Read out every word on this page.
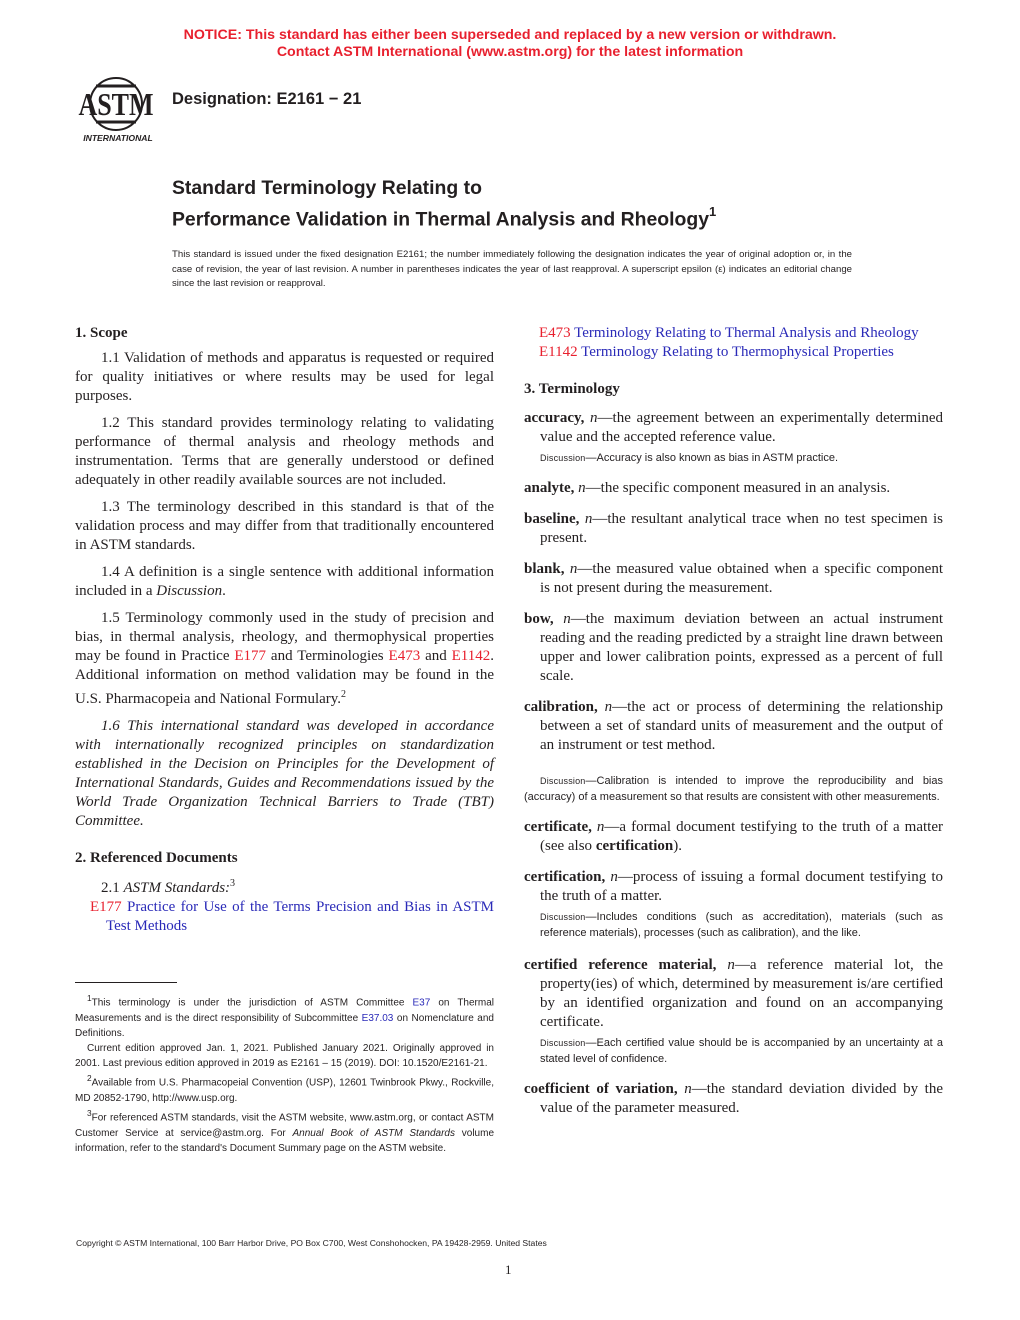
NOTICE: This standard has either been superseded and replaced by a new version or withdrawn.
Contact ASTM International (www.astm.org) for the latest information
ASTM
INTERNATIONAL
Designation: E2161 − 21
Standard Terminology Relating to
Performance Validation in Thermal Analysis and Rheology$^1$
This standard is issued under the fixed designation E2161; the number immediately following the designation indicates the year of original adoption or, in the case of revision, the year of last revision. A number in parentheses indicates the year of last reapproval. A superscript epsilon (ε) indicates an editorial change since the last revision or reapproval.
1. Scope

1.1 Validation of methods and apparatus is requested or required for quality initiatives or where results may be used for legal purposes.

1.2 This standard provides terminology relating to validating performance of thermal analysis and rheology methods and instrumentation. Terms that are generally understood or defined adequately in other readily available sources are not included.

1.3 The terminology described in this standard is that of the validation process and may differ from that traditionally encountered in ASTM standards.

1.4 A definition is a single sentence with additional information included in a Discussion.

1.5 Terminology commonly used in the study of precision and bias, in thermal analysis, rheology, and thermophysical properties may be found in Practice E177 and Terminologies E473 and E1142. Additional information on method validation may be found in the U.S. Pharmacopeia and National Formulary.$^2$

1.6 This international standard was developed in accordance with internationally recognized principles on standardization established in the Decision on Principles for the Development of International Standards, Guides and Recommendations issued by the World Trade Organization Technical Barriers to Trade (TBT) Committee.

2. Referenced Documents

2.1 ASTM Standards:$^3$

E177 Practice for Use of the Terms Precision and Bias in ASTM Test Methods

$^1$This terminology is under the jurisdiction of ASTM Committee E37 on Thermal Measurements and is the direct responsibility of Subcommittee E37.03 on Nomenclature and Definitions.

Current edition approved Jan. 1, 2021. Published January 2021. Originally approved in 2001. Last previous edition approved in 2019 as E2161 – 15 (2019). DOI: 10.1520/E2161-21.

$^2$Available from U.S. Pharmacopeial Convention (USP), 12601 Twinbrook Pkwy., Rockville, MD 20852-1790, http://www.usp.org.

$^3$For referenced ASTM standards, visit the ASTM website, www.astm.org, or contact ASTM Customer Service at service@astm.org. For Annual Book of ASTM Standards volume information, refer to the standard's Document Summary page on the ASTM website.

E473 Terminology Relating to Thermal Analysis and Rheology

E1142 Terminology Relating to Thermophysical Properties

3. Terminology

accuracy, n—the agreement between an experimentally determined value and the accepted reference value.

Discussion—Accuracy is also known as bias in ASTM practice.

analyte, n—the specific component measured in an analysis.

baseline, n—the resultant analytical trace when no test specimen is present.

blank, n—the measured value obtained when a specific component is not present during the measurement.

bow, n—the maximum deviation between an actual instrument reading and the reading predicted by a straight line drawn between upper and lower calibration points, expressed as a percent of full scale.

calibration, n—the act or process of determining the relationship between a set of standard units of measurement and the output of an instrument or test method.

Discussion—Calibration is intended to improve the reproducibility and bias (accuracy) of a measurement so that results are consistent with other measurements.

certificate, n—a formal document testifying to the truth of a matter (see also certification).

certification, n—process of issuing a formal document testifying to the truth of a matter.

Discussion—Includes conditions (such as accreditation), materials (such as reference materials), processes (such as calibration), and the like.

certified reference material, n—a reference material lot, the property(ies) of which, determined by measurement is/are certified by an identified organization and found on an accompanying certificate.

Discussion—Each certified value should be is accompanied by an uncertainty at a stated level of confidence.

coefficient of variation, n—the standard deviation divided by the value of the parameter measured.

Copyright © ASTM International, 100 Barr Harbor Drive, PO Box C700, West Conshohocken, PA 19428-2959. United States
1
